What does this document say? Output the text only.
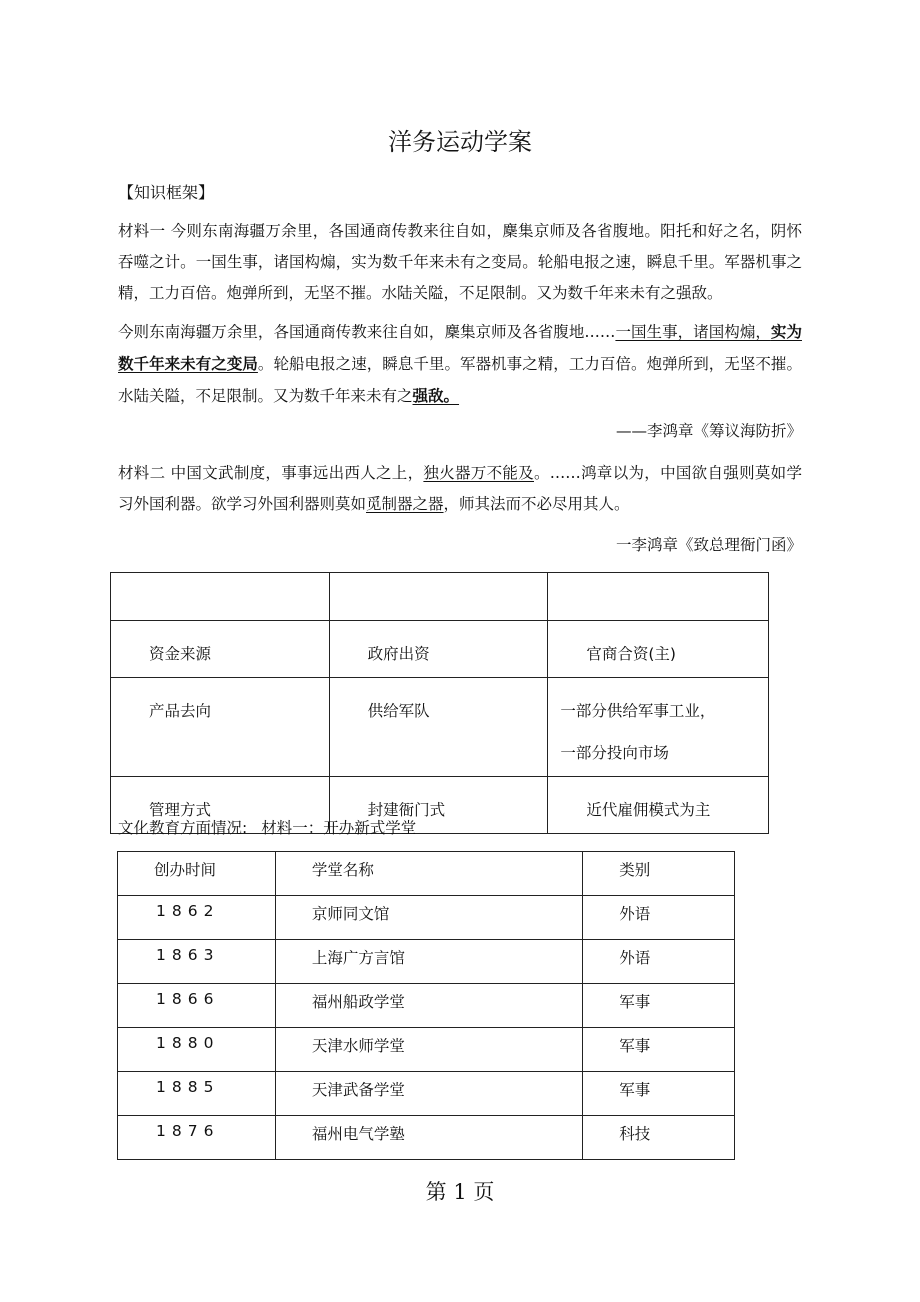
洋务运动学案
【知识框架】
材料一 今则东南海疆万余里，各国通商传教来往自如，麇集京师及各省腹地。阳托和好之名，阴怀吞噬之计。一国生事，诸国构煽，实为数千年来未有之变局。轮船电报之速，瞬息千里。军器机事之精，工力百倍。炮弹所到，无坚不摧。水陆关隘，不足限制。又为数千年来未有之强敌。
今则东南海疆万余里，各国通商传教来往自如，麇集京师及各省腹地……一国生事，诸国构煽，实为数千年来未有之变局。轮船电报之速，瞬息千里。军器机事之精，工力百倍。炮弹所到，无坚不摧。水陆关隘，不足限制。又为数千年来未有之强敌。
——李鸿章《筹议海防折》
材料二 中国文武制度，事事远出西人之上，独火器万不能及。……鸿章以为，中国欲自强则莫如学习外国利器。欲学习外国利器则莫如觅制器之器，师其法而不必尽用其人。
一李鸿章《致总理衙门函》

资金来源	政府出资	官商合资(主)

产品去向	供给军队	一部分供给军事工业，
一部分投向市场

管理方式	封建衙门式	近代雇佣模式为主
文化教育方面情况: 材料一：开办新式学堂
创办时间	学堂名称	类别

1862	京师同文馆	外语

1863	上海广方言馆	外语

1866	福州船政学堂	军事

1880	天津水师学堂	军事

1885	天津武备学堂	军事

1876	福州电气学塾	科技
第 1 页
